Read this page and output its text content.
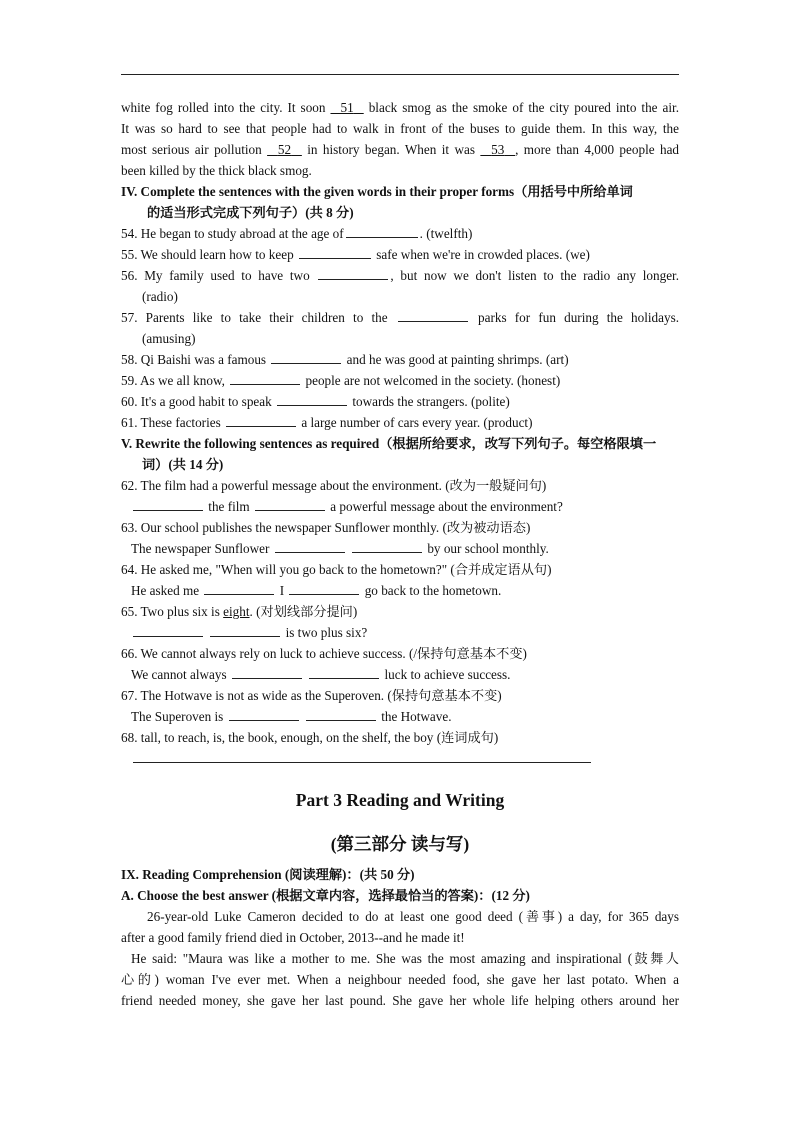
white fog rolled into the city. It soon   51   black smog as the smoke of the city poured into the air.
It was so hard to see that people had to walk in front of the buses to guide them. In this way, the
most serious air pollution   52   in history began. When it was   53 , more than 4,000 people had
been killed by the thick black smog.
IV. Complete the sentences with the given words in their proper forms（用括号中所给单词
的适当形式完成下列句子）(共 8 分)
54. He began to study abroad at the age of	. (twelfth)
55. We should learn how to keep	safe when we're in crowded places. (we)
56. My family used to have two	, but now we don't listen to the radio any longer.
(radio)
57. Parents like to take their children to the	parks for fun during the holidays.
(amusing)
58. Qi Baishi was a famous	and he was good at painting shrimps. (art)
59. As we all know,	people are not welcomed in the society. (honest)
60. It's a good habit to speak	towards the strangers. (polite)
61. These factories	a large number of cars every year. (product)
V. Rewrite the following sentences as required（根据所给要求，改写下列句子。每空格限填一
词）(共 14 分)
62. The film had a powerful message about the environment. (改为一般疑问句)
the film	a powerful message about the environment?
63. Our school publishes the newspaper Sunflower monthly. (改为被动语态)
The newspaper Sunflower	by our school monthly.
64. He asked me, "When will you go back to the hometown?" (合并成定语从句)
He asked me	I	go back to the hometown.
65. Two plus six is eight. (对划线部分提问)
is two plus six?
66. We cannot always rely on luck to achieve success. (/保持句意基本不变)
We cannot always	luck to achieve success.
67. The Hotwave is not as wide as the Superoven. (保持句意基本不变)
The Superoven is	the Hotwave.
68. tall, to reach, is, the book, enough, on the shelf, the boy (连词成句)
Part 3 Reading and Writing
(第三部分 读与写)
IX. Reading Comprehension (阅读理解)：(共 50 分)
A. Choose the best answer (根据文章内容，选择最恰当的答案)：(12 分)
26-year-old Luke Cameron decided to do at least one good deed (善事) a day, for 365 days
after a good family friend died in October, 2013--and he made it!
He said: "Maura was like a mother to me. She was the most amazing and inspirational (鼓舞人
心的) woman I've ever met. When a neighbour needed food, she gave her last potato. When a
friend needed money, she gave her last pound. She gave her whole life helping others around her
